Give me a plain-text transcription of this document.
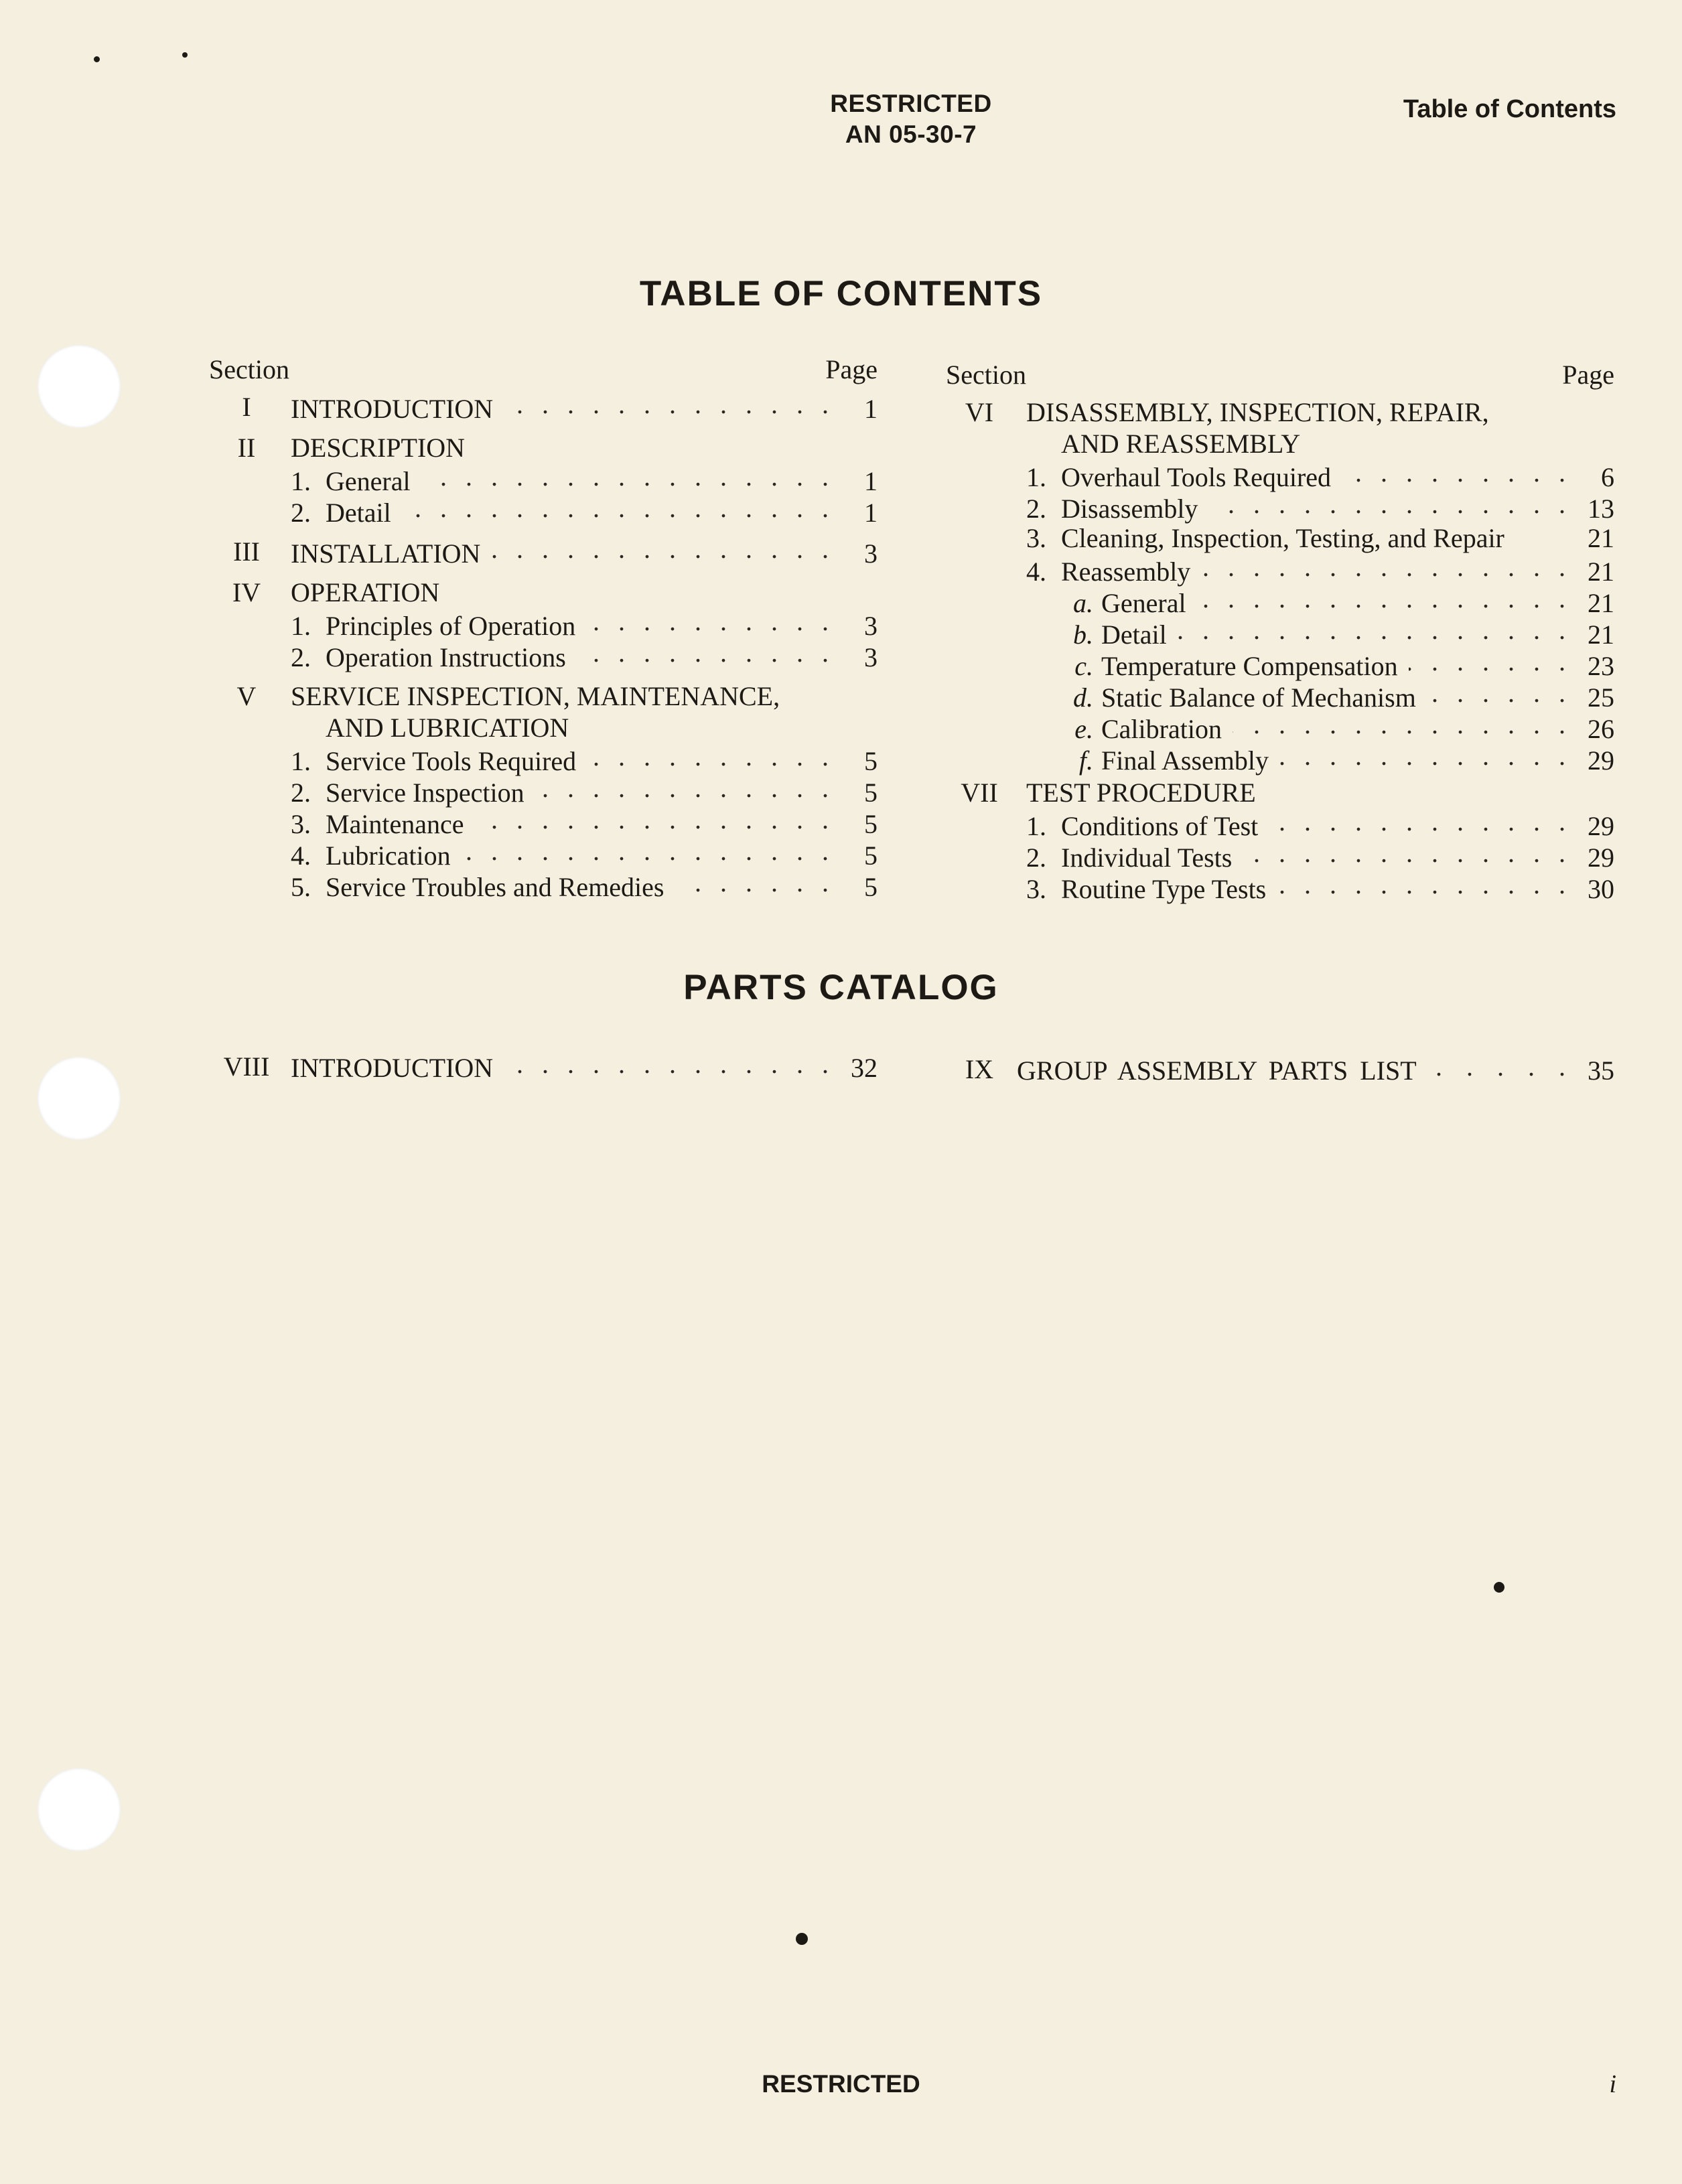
RESTRICTED
AN 05-30-7
Table of Contents
TABLE OF CONTENTS
Section	Page
I	INTRODUCTION . . .	1
II	DESCRIPTION
1. General . . .	1
2. Detail . . .	1
III	INSTALLATION . . .	3
IV	OPERATION
1. Principles of Operation . . .	3
2. Operation Instructions . . .	3
V	SERVICE INSPECTION, MAINTENANCE,
AND LUBRICATION
1. Service Tools Required . . .	5
2. Service Inspection . . .	5
3. Maintenance . . .	5
4. Lubrication . . .	5
5. Service Troubles and Remedies . . .	5
Section	Page
VI	DISASSEMBLY, INSPECTION, REPAIR,
AND REASSEMBLY
1. Overhaul Tools Required . . .	6
2. Disassembly . . .	13
3. Cleaning, Inspection, Testing, and Repair	21
4. Reassembly . . .	21
a. General . . .	21
b. Detail . . .	21
c. Temperature Compensation . . .	23
d. Static Balance of Mechanism . . .	25
e. Calibration . . .	26
f. Final Assembly . . .	29
VII	TEST PROCEDURE
1. Conditions of Test . . .	29
2. Individual Tests . . .	29
3. Routine Type Tests . . .	30
PARTS CATALOG
VIII INTRODUCTION . . .	32	IX GROUP ASSEMBLY PARTS LIST . . .	35
RESTRICTED	i
